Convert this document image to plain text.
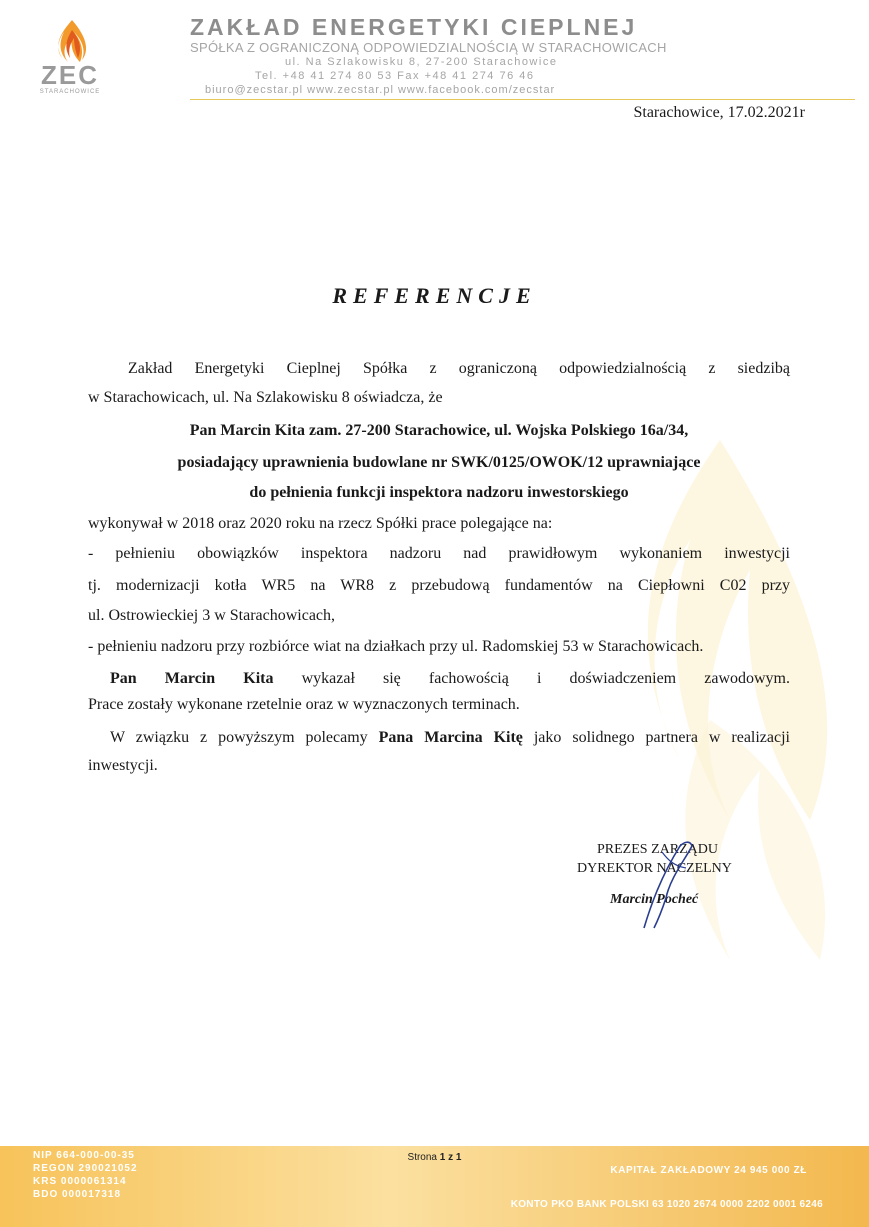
ZEC
STARACHOWICE
ZAKŁAD ENERGETYKI CIEPLNEJ
SPÓŁKA Z OGRANICZONĄ ODPOWIEDZIALNOŚCIĄ W STARACHOWICACH
ul. Na Szlakowisku 8, 27-200 Starachowice
Tel. +48 41 274 80 53 Fax +48 41 274 76 46
biuro@zecstar.pl www.zecstar.pl www.facebook.com/zecstar
Starachowice, 17.02.2021r
REFERENCJE
Zakład Energetyki Cieplnej Spółka z ograniczoną odpowiedzialnością z siedzibą
w Starachowicach, ul. Na Szlakowisku 8 oświadcza, że
Pan Marcin Kita zam. 27-200 Starachowice, ul. Wojska Polskiego 16a/34,
posiadający uprawnienia budowlane nr SWK/0125/OWOK/12 uprawniające
do pełnienia funkcji inspektora nadzoru inwestorskiego
wykonywał w 2018 oraz 2020 roku na rzecz Spółki prace polegające na:
- pełnieniu obowiązków inspektora nadzoru nad prawidłowym wykonaniem inwestycji
tj. modernizacji kotła WR5 na WR8 z przebudową fundamentów na Ciepłowni C02 przy
ul. Ostrowieckiej 3 w Starachowicach,
- pełnieniu nadzoru przy rozbiórce wiat na działkach przy ul. Radomskiej 53 w Starachowicach.
Pan Marcin Kita wykazał się fachowością i doświadczeniem zawodowym.
Prace zostały wykonane rzetelnie oraz w wyznaczonych terminach.
W związku z powyższym polecamy Pana Marcina Kitę jako solidnego partnera w realizacji
inwestycji.
PREZES ZARZĄDU
DYREKTOR NACZELNY
Marcin Pocheć
NIP 664-000-00-35
REGON 290021052
KRS 0000061314
BDO 000017318
Strona 1 z 1
KAPITAŁ ZAKŁADOWY 24 945 000 ZŁ
KONTO PKO BANK POLSKI 63 1020 2674 0000 2202 0001 6246
